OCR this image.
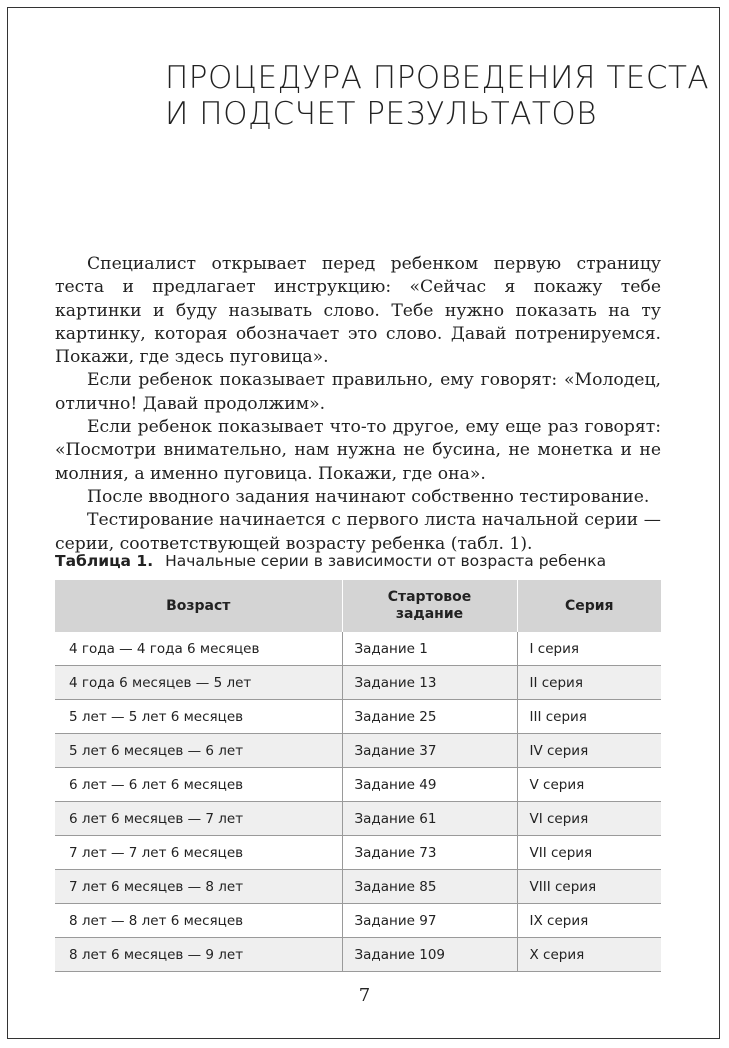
ПРОЦЕДУРА ПРОВЕДЕНИЯ ТЕСТА
И ПОДСЧЕТ РЕЗУЛЬТАТОВ

Специалист открывает перед ребенком первую страницу теста и предлагает инструкцию: «Сейчас я покажу тебе картинки и буду называть слово. Тебе нужно показать на ту картинку, которая обозначает это слово. Давай потренируемся. Покажи, где здесь пуговица».

Если ребенок показывает правильно, ему говорят: «Молодец, отлично! Давай продолжим».

Если ребенок показывает что-то другое, ему еще раз говорят: «Посмотри внимательно, нам нужна не бусина, не монетка и не молния, а именно пуговица. Покажи, где она».

После вводного задания начинают собственно тестирование.

Тестирование начинается с первого листа начальной серии — серии, соответствующей возрасту ребенка (табл. 1).

Таблица 1. Начальные серии в зависимости от возраста ребенка
Возраст	Стартовое задание	Серия
4 года — 4 года 6 месяцев	Задание 1	I серия
4 года 6 месяцев — 5 лет	Задание 13	II серия
5 лет — 5 лет 6 месяцев	Задание 25	III серия
5 лет 6 месяцев — 6 лет	Задание 37	IV серия
6 лет — 6 лет 6 месяцев	Задание 49	V серия
6 лет 6 месяцев — 7 лет	Задание 61	VI серия
7 лет — 7 лет 6 месяцев	Задание 73	VII серия
7 лет 6 месяцев — 8 лет	Задание 85	VIII серия
8 лет — 8 лет 6 месяцев	Задание 97	IX серия
8 лет 6 месяцев — 9 лет	Задание 109	X серия
7
